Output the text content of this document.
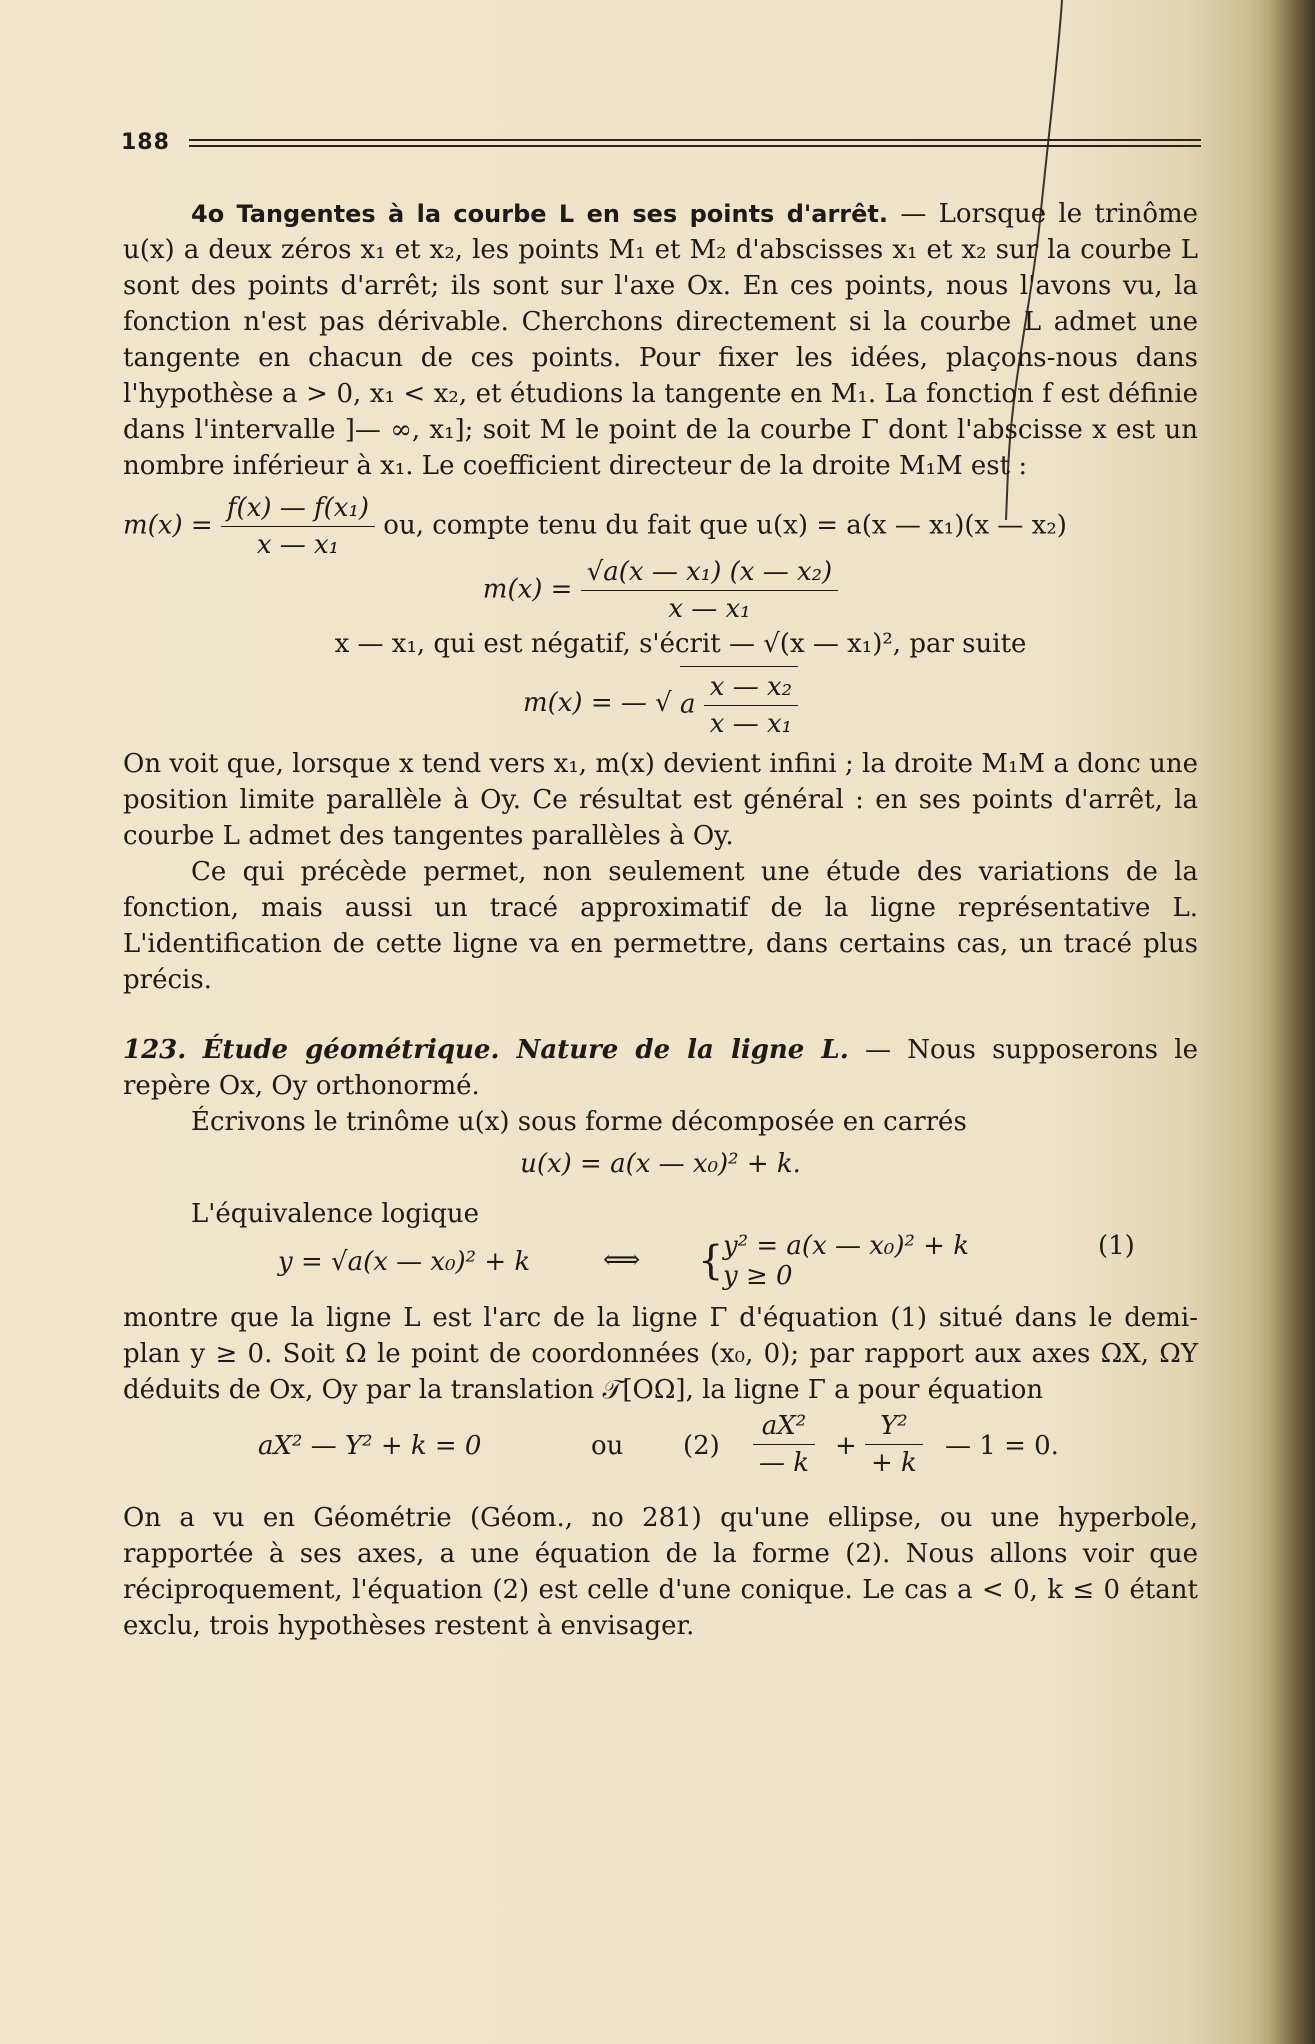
188

4o Tangentes à la courbe L en ses points d'arrêt. — Lorsque le trinôme u(x) a deux zéros x₁ et x₂, les points M₁ et M₂ d'abscisses x₁ et x₂ sur la courbe L sont des points d'arrêt; ils sont sur l'axe Ox. En ces points, nous l'avons vu, la fonction n'est pas dérivable. Cherchons directement si la courbe L admet une tangente en chacun de ces points. Pour fixer les idées, plaçons-nous dans l'hypothèse a > 0, x₁ < x₂, et étudions la tangente en M₁. La fonction f est définie dans l'intervalle ]— ∞, x₁]; soit M le point de la courbe Γ dont l'abscisse x est un nombre inférieur à x₁. Le coefficient directeur de la droite M₁M est :

$m(x) = \frac{\text{f(x) — f(x₁)}}{\text{x — x₁}}$ ou, compte tenu du fait que u(x) = a(x — x₁)(x — x₂)
$m(x) = \frac{\text{√a(x — x₁) (x — x₂)}}{\text{x — x₁}}$

x — x₁, qui est négatif, s'écrit — √(x — x₁)², par suite

m(x) = — √ a $\frac{\text{x — x₂}}{\text{x — x₁}}$

On voit que, lorsque x tend vers x₁, m(x) devient infini ; la droite M₁M a donc une position limite parallèle à Oy. Ce résultat est général : en ses points d'arrêt, la courbe L admet des tangentes parallèles à Oy.

Ce qui précède permet, non seulement une étude des variations de la fonction, mais aussi un tracé approximatif de la ligne représentative L. L'identification de cette ligne va en permettre, dans certains cas, un tracé plus précis.

123. Étude géométrique. Nature de la ligne L. — Nous supposerons le repère Ox, Oy orthonormé.

Écrivons le trinôme u(x) sous forme décomposée en carrés

u(x) = a(x — x₀)² + k.

L'équivalence logique

y = √a(x — x₀)² + k	⟺ { y² = a(x — x₀)² + k
y ≥ 0
(1)

montre que la ligne L est l'arc de la ligne Γ d'équation (1) situé dans le demi-plan y ≥ 0. Soit Ω le point de coordonnées (x₀, 0); par rapport aux axes ΩX, ΩY déduits de Ox, Oy par la translation 𝒯[OΩ], la ligne Γ a pour équation

aX² — Y² + k = 0	ou $(2) \frac{\text{aX²}}{— k} + \frac{\text{Y²}}{+ k}$ — 1 = 0.

On a vu en Géométrie (Géom., no 281) qu'une ellipse, ou une hyperbole, rapportée à ses axes, a une équation de la forme (2). Nous allons voir que réciproquement, l'équation (2) est celle d'une conique. Le cas a < 0, k ≤ 0 étant exclu, trois hypothèses restent à envisager.
